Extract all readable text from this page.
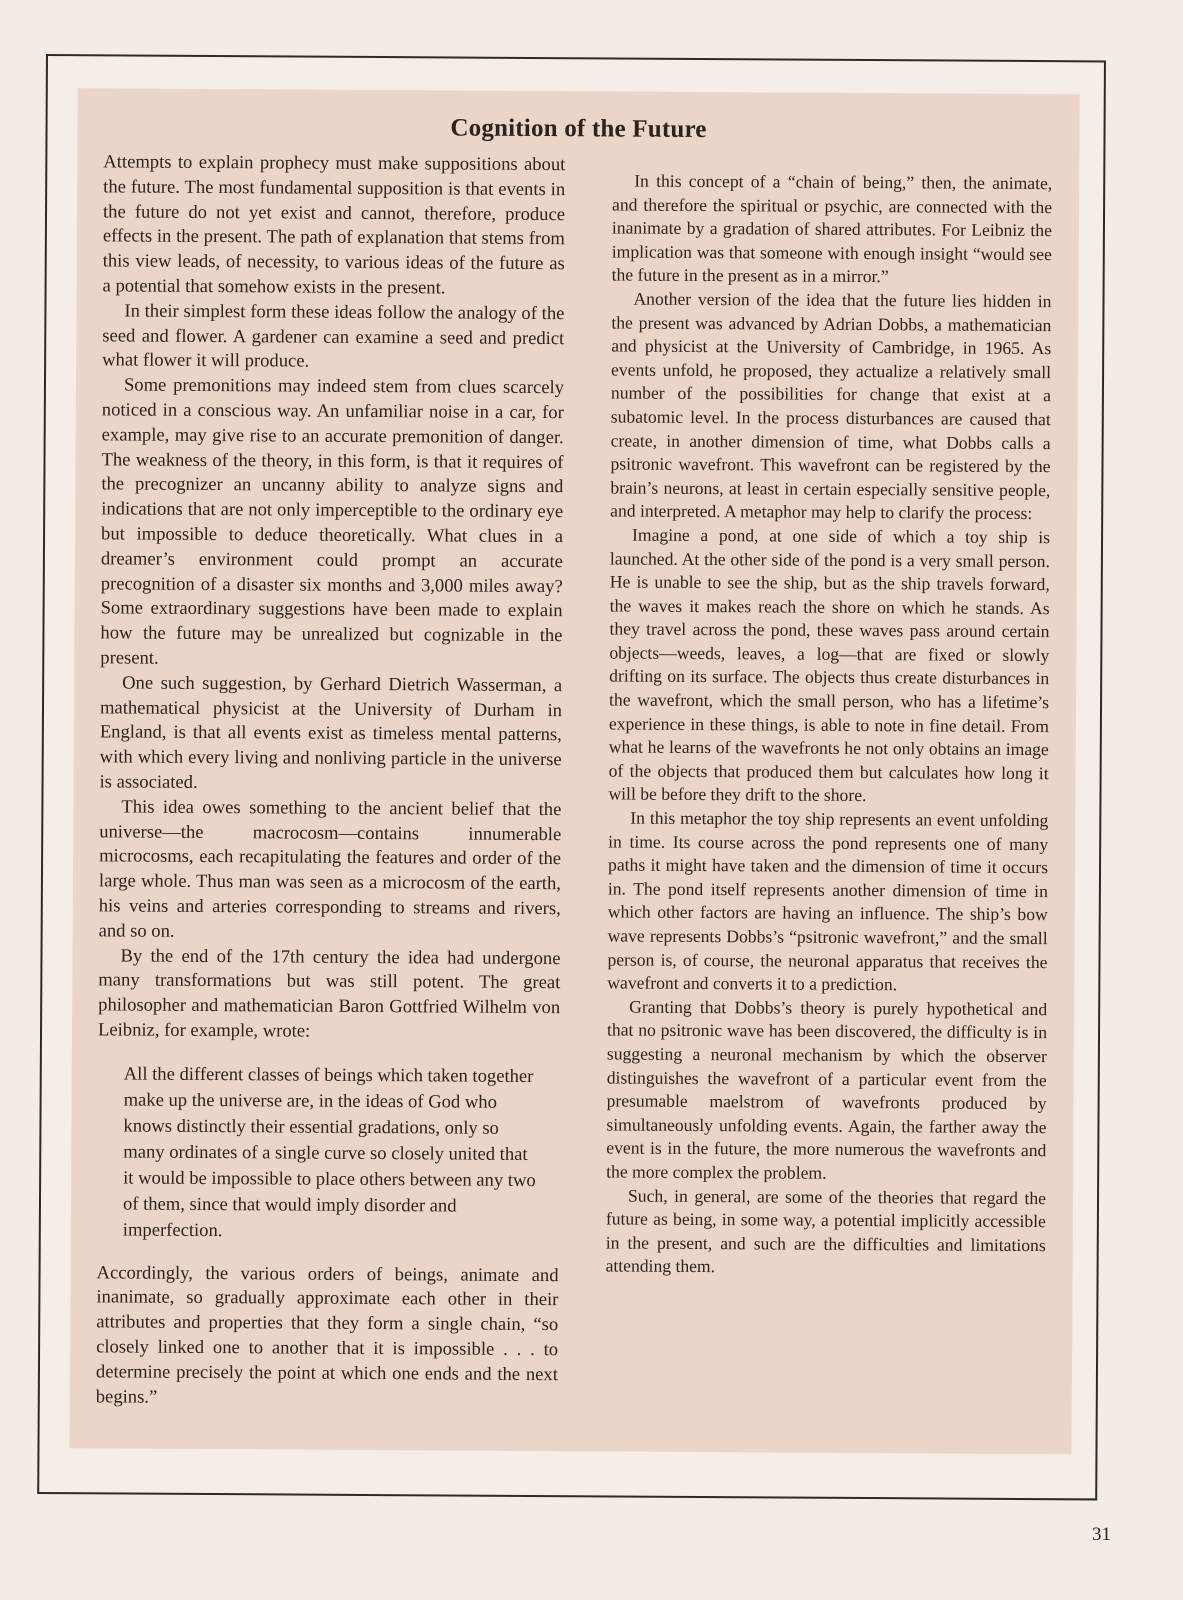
Cognition of the Future

Attempts to explain prophecy must make suppositions about the future. The most fundamental supposition is that events in the future do not yet exist and cannot, therefore, produce effects in the present. The path of explanation that stems from this view leads, of necessity, to various ideas of the future as a potential that somehow exists in the present.

In their simplest form these ideas follow the analogy of the seed and flower. A gardener can examine a seed and predict what flower it will produce.

Some premonitions may indeed stem from clues scarcely noticed in a conscious way. An unfamiliar noise in a car, for example, may give rise to an accurate premonition of danger. The weakness of the theory, in this form, is that it requires of the precognizer an uncanny ability to analyze signs and indications that are not only imperceptible to the ordinary eye but impossible to deduce theoretically. What clues in a dreamer’s environment could prompt an accurate precognition of a disaster six months and 3,000 miles away? Some extraordinary suggestions have been made to explain how the future may be unrealized but cognizable in the present.

One such suggestion, by Gerhard Dietrich Wasserman, a mathematical physicist at the University of Durham in England, is that all events exist as timeless mental patterns, with which every living and nonliving particle in the universe is associated.

This idea owes something to the ancient belief that the universe—the macrocosm—contains innumerable microcosms, each recapitulating the features and order of the large whole. Thus man was seen as a microcosm of the earth, his veins and arteries corresponding to streams and rivers, and so on.

By the end of the 17th century the idea had undergone many transformations but was still potent. The great philosopher and mathematician Baron Gottfried Wilhelm von Leibniz, for example, wrote:

All the different classes of beings which taken together make up the universe are, in the ideas of God who knows distinctly their essential gradations, only so many ordinates of a single curve so closely united that it would be impossible to place others between any two of them, since that would imply disorder and imperfection.

Accordingly, the various orders of beings, animate and inanimate, so gradually approximate each other in their attributes and properties that they form a single chain, “so closely linked one to another that it is impossible . . . to determine precisely the point at which one ends and the next begins.”

In this concept of a “chain of being,” then, the animate, and therefore the spiritual or psychic, are connected with the inanimate by a gradation of shared attributes. For Leibniz the implication was that someone with enough insight “would see the future in the present as in a mirror.”

Another version of the idea that the future lies hidden in the present was advanced by Adrian Dobbs, a mathematician and physicist at the University of Cambridge, in 1965. As events unfold, he proposed, they actualize a relatively small number of the possibilities for change that exist at a subatomic level. In the process disturbances are caused that create, in another dimension of time, what Dobbs calls a psitronic wavefront. This wavefront can be registered by the brain’s neurons, at least in certain especially sensitive people, and interpreted. A metaphor may help to clarify the process:

Imagine a pond, at one side of which a toy ship is launched. At the other side of the pond is a very small person. He is unable to see the ship, but as the ship travels forward, the waves it makes reach the shore on which he stands. As they travel across the pond, these waves pass around certain objects—weeds, leaves, a log—that are fixed or slowly drifting on its surface. The objects thus create disturbances in the wavefront, which the small person, who has a lifetime’s experience in these things, is able to note in fine detail. From what he learns of the wavefronts he not only obtains an image of the objects that produced them but calculates how long it will be before they drift to the shore.

In this metaphor the toy ship represents an event unfolding in time. Its course across the pond represents one of many paths it might have taken and the dimension of time it occurs in. The pond itself represents another dimension of time in which other factors are having an influence. The ship’s bow wave represents Dobbs’s “psitronic wavefront,” and the small person is, of course, the neuronal apparatus that receives the wavefront and converts it to a prediction.

Granting that Dobbs’s theory is purely hypothetical and that no psitronic wave has been discovered, the difficulty is in suggesting a neuronal mechanism by which the observer distinguishes the wavefront of a particular event from the presumable maelstrom of wavefronts produced by simultaneously unfolding events. Again, the farther away the event is in the future, the more numerous the wavefronts and the more complex the problem.

Such, in general, are some of the theories that regard the future as being, in some way, a potential implicitly accessible in the present, and such are the difficulties and limitations attending them.

31
